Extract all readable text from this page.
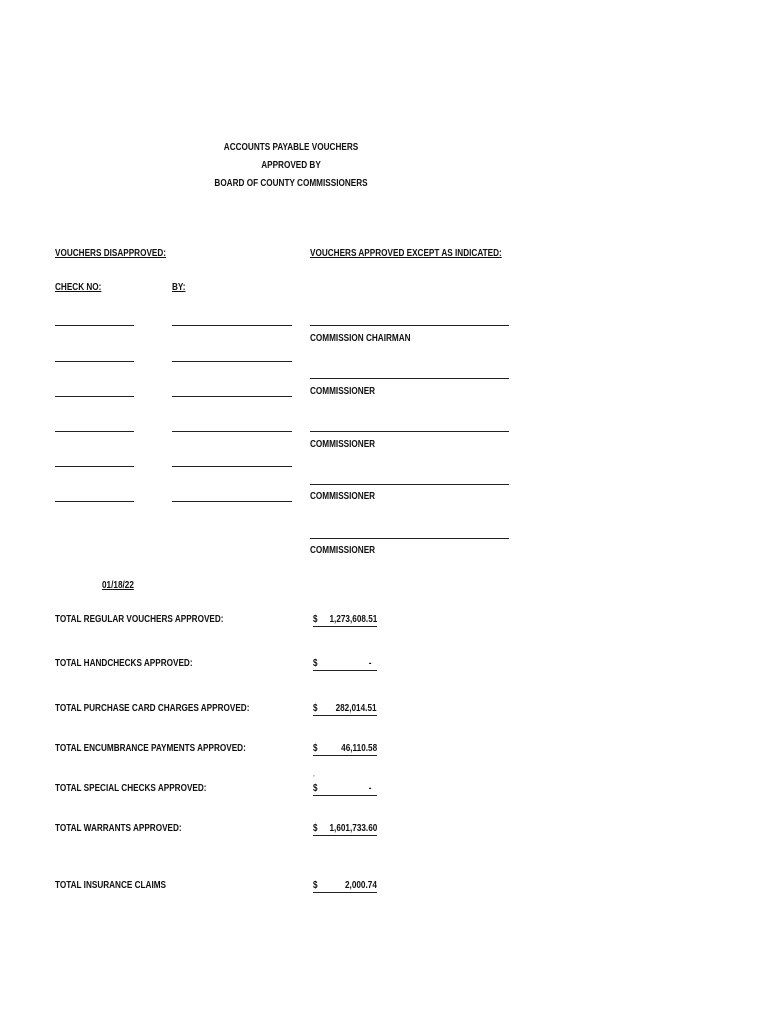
ACCOUNTS PAYABLE VOUCHERS
APPROVED BY
BOARD OF COUNTY COMMISSIONERS
VOUCHERS DISAPPROVED:	VOUCHERS APPROVED EXCEPT AS INDICATED:
CHECK NO:	BY:
COMMISSION CHAIRMAN
COMMISSIONER
COMMISSIONER
COMMISSIONER
COMMISSIONER
01/18/22
TOTAL REGULAR VOUCHERS APPROVED:	$ 1,273,608.51
TOTAL HANDCHECKS APPROVED:	$	-
TOTAL PURCHASE CARD CHARGES APPROVED:	$ 282,014.51
TOTAL ENCUMBRANCE PAYMENTS APPROVED:	$ 46,110.58
’
TOTAL SPECIAL CHECKS APPROVED:	$	-
TOTAL WARRANTS APPROVED:	$ 1,601,733.60
TOTAL INSURANCE CLAIMS	$	2,000.74
